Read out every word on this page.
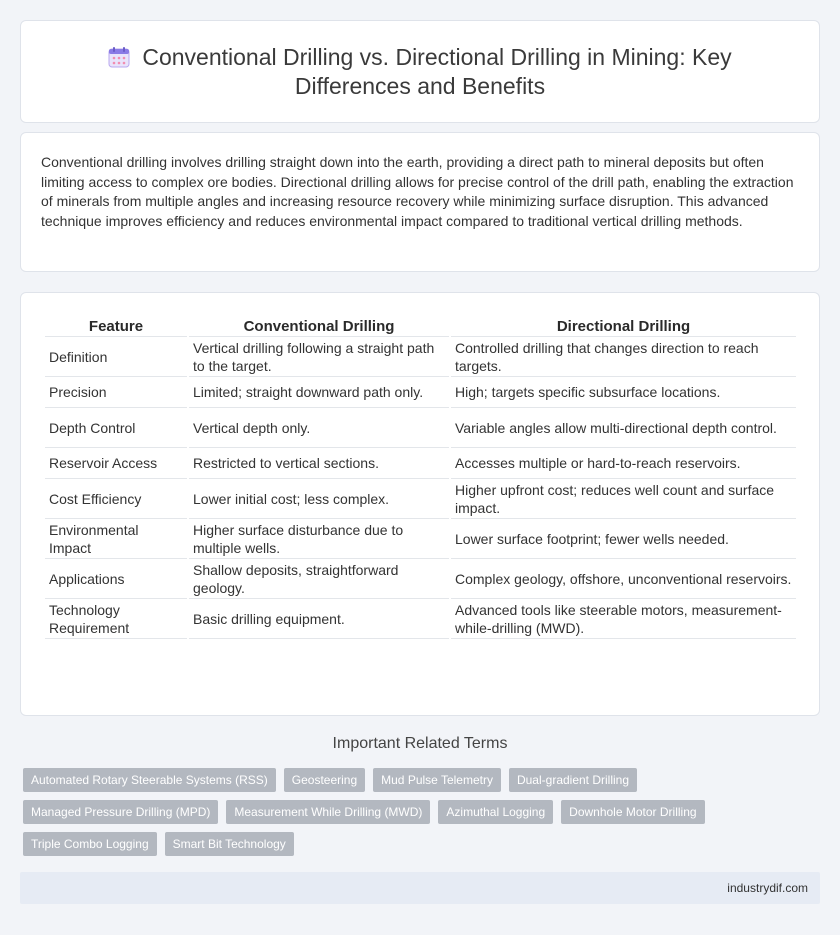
Conventional Drilling vs. Directional Drilling in Mining: Key Differences and Benefits

Conventional drilling involves drilling straight down into the earth, providing a direct path to mineral deposits but often limiting access to complex ore bodies. Directional drilling allows for precise control of the drill path, enabling the extraction of minerals from multiple angles and increasing resource recovery while minimizing surface disruption. This advanced technique improves efficiency and reduces environmental impact compared to traditional vertical drilling methods.

Feature	Conventional Drilling	Directional Drilling
Definition	Vertical drilling following a straight path to the target.	Controlled drilling that changes direction to reach targets.
Precision	Limited; straight downward path only.	High; targets specific subsurface locations.
Depth Control	Vertical depth only.	Variable angles allow multi-directional depth control.
Reservoir Access	Restricted to vertical sections.	Accesses multiple or hard-to-reach reservoirs.
Cost Efficiency	Lower initial cost; less complex.	Higher upfront cost; reduces well count and surface impact.
Environmental Impact	Higher surface disturbance due to multiple wells.	Lower surface footprint; fewer wells needed.
Applications	Shallow deposits, straightforward geology.	Complex geology, offshore, unconventional reservoirs.
Technology Requirement	Basic drilling equipment.	Advanced tools like steerable motors, measurement-while-drilling (MWD).
Important Related Terms
Automated Rotary Steerable Systems (RSS)	Geosteering	Mud Pulse Telemetry	Dual-gradient Drilling
Managed Pressure Drilling (MPD)	Measurement While Drilling (MWD)	Azimuthal Logging	Downhole Motor Drilling
Triple Combo Logging	Smart Bit Technology
industrydif.com
